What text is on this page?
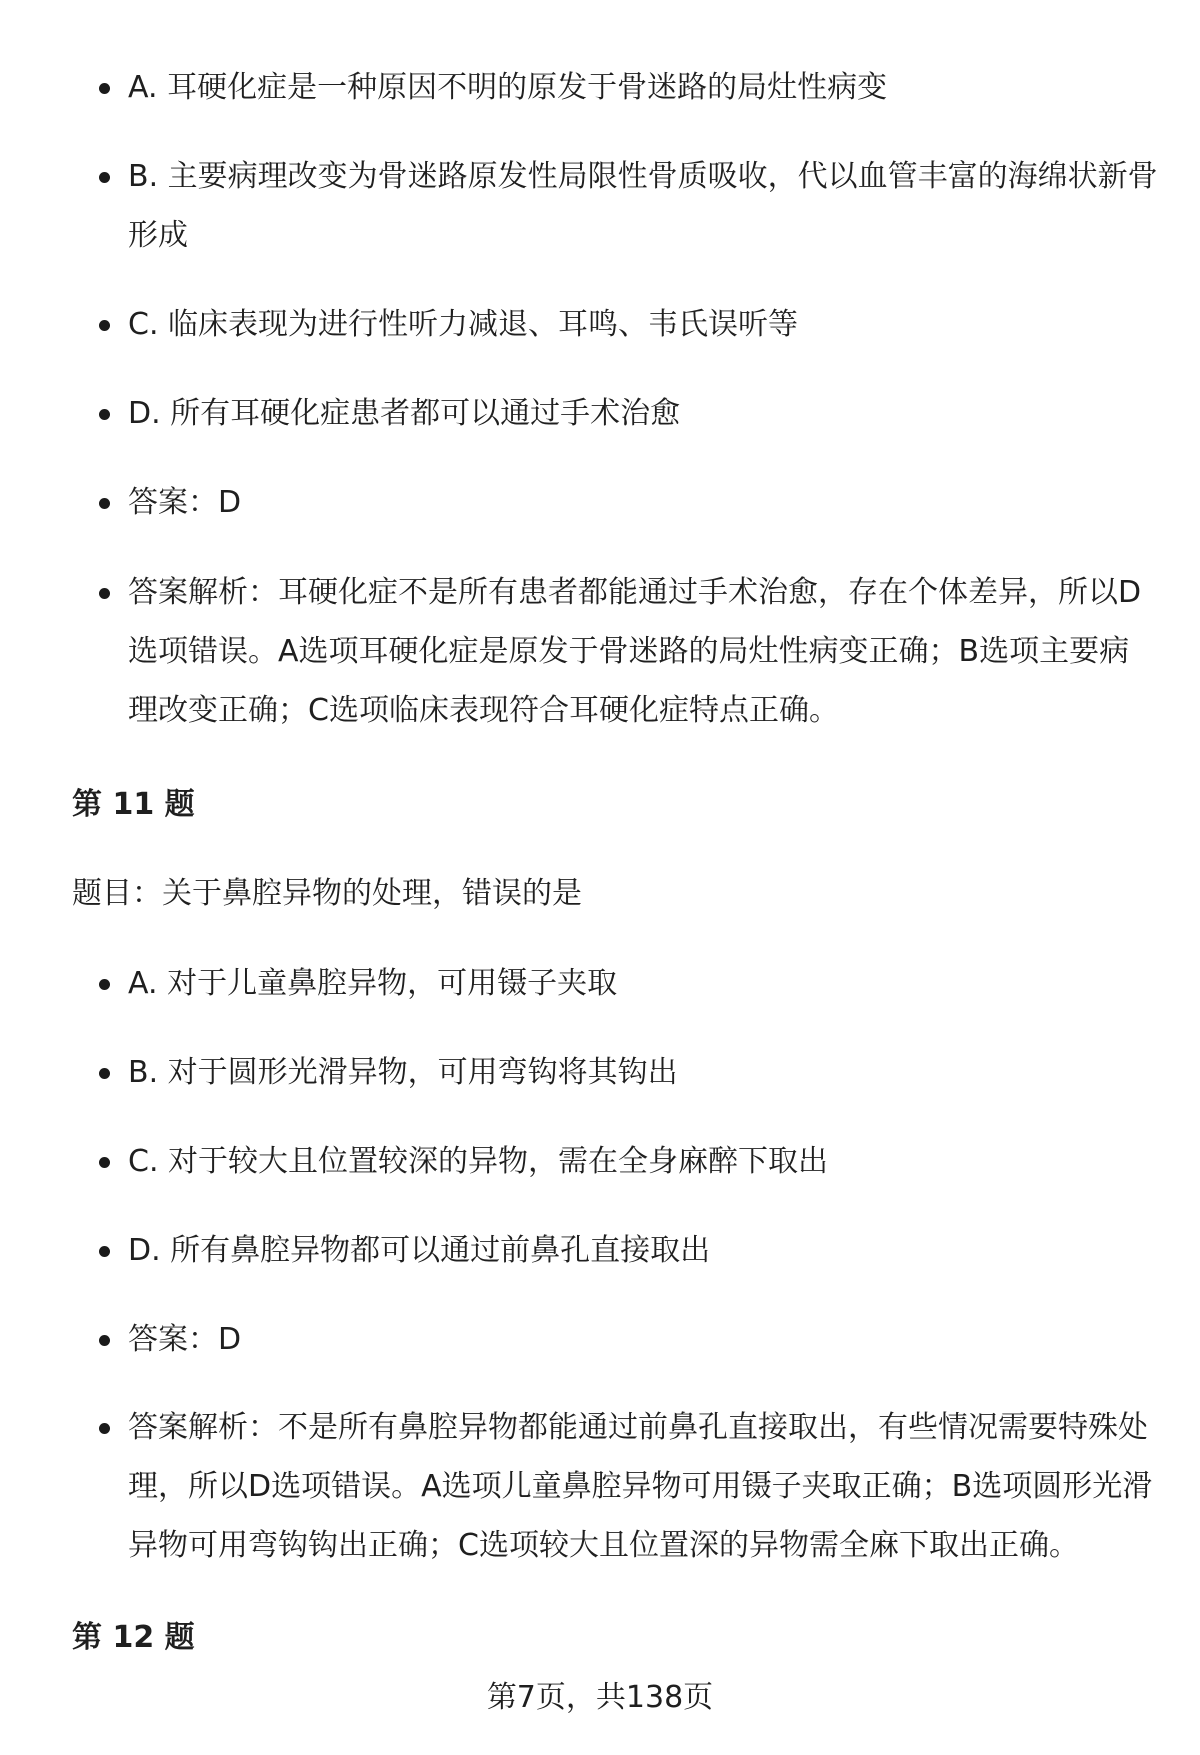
A. 耳硬化症是一种原因不明的原发于骨迷路的局灶性病变
B. 主要病理改变为骨迷路原发性局限性骨质吸收，代以血管丰富的海绵状新骨形成
C. 临床表现为进行性听力减退、耳鸣、韦氏误听等
D. 所有耳硬化症患者都可以通过手术治愈
答案：D
答案解析：耳硬化症不是所有患者都能通过手术治愈，存在个体差异，所以D选项错误。A选项耳硬化症是原发于骨迷路的局灶性病变正确；B选项主要病理改变正确；C选项临床表现符合耳硬化症特点正确。
第 11 题
题目：关于鼻腔异物的处理，错误的是
A. 对于儿童鼻腔异物，可用镊子夹取
B. 对于圆形光滑异物，可用弯钩将其钩出
C. 对于较大且位置较深的异物，需在全身麻醉下取出
D. 所有鼻腔异物都可以通过前鼻孔直接取出
答案：D
答案解析：不是所有鼻腔异物都能通过前鼻孔直接取出，有些情况需要特殊处理，所以D选项错误。A选项儿童鼻腔异物可用镊子夹取正确；B选项圆形光滑异物可用弯钩钩出正确；C选项较大且位置深的异物需全麻下取出正确。
第 12 题
第7页，共138页
